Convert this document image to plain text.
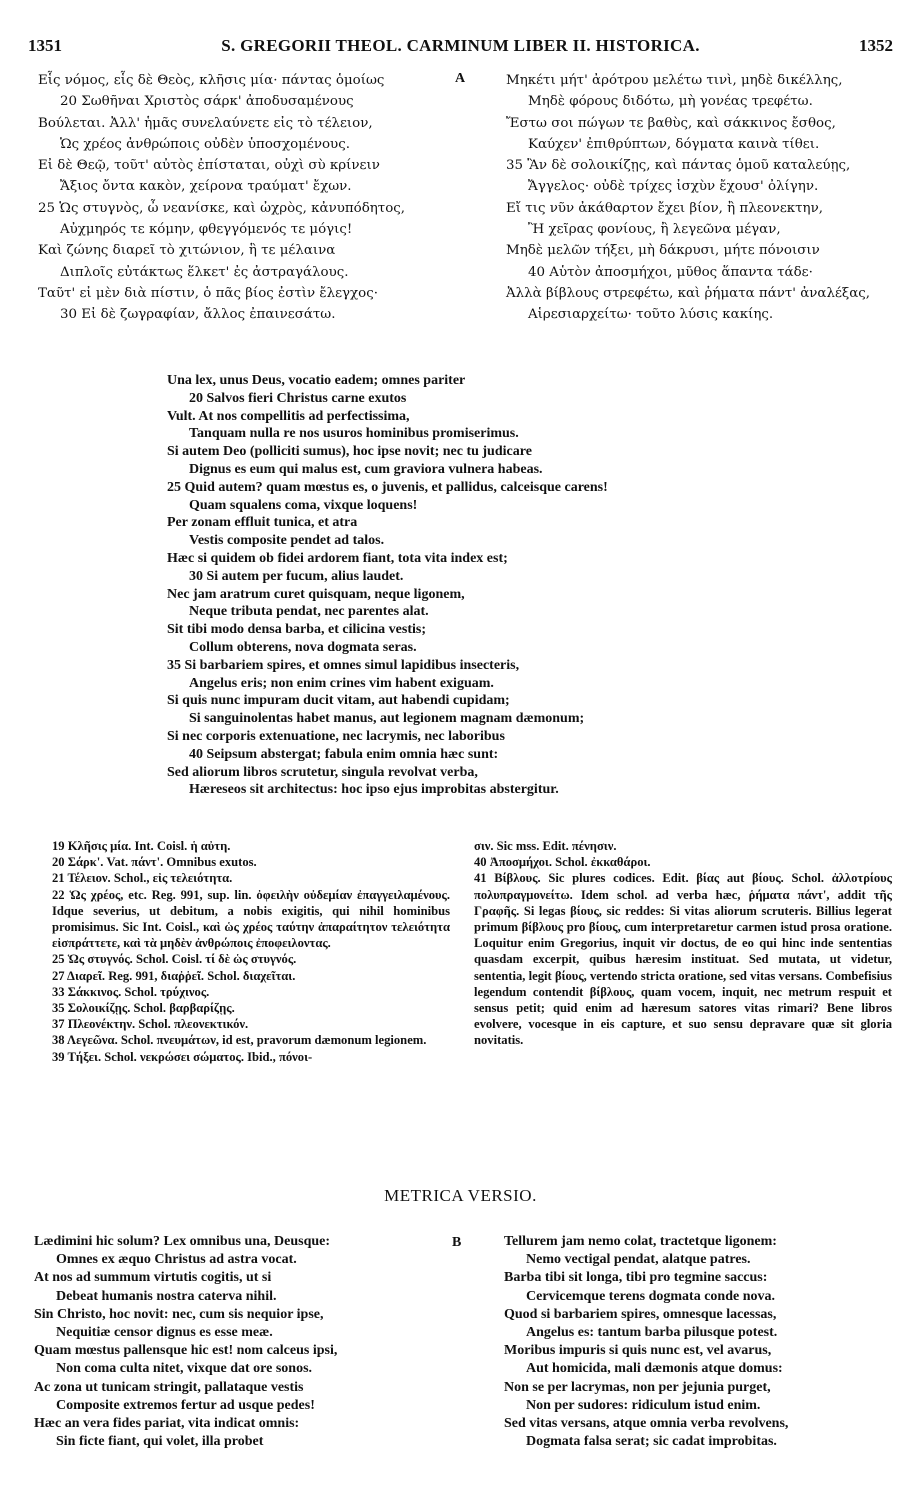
1351	S. GREGORII THEOL. CARMINUM LIBER II. HISTORICA.	1352
Εἷς νόμος, εἷς δὲ Θεὸς, κλῆσις μία· πάντας ὁμοίως
20 Σωθῆναι Χριστὸς σάρκ' ἀποδυσαμένους
Βούλεται. Ἀλλ' ἡμᾶς συνελαύνετε εἰς τὸ τέλειον,
Ὡς χρέος ἀνθρώποις οὐδὲν ὑποσχομένους.
Εἰ δὲ Θεῷ, τοῦτ' αὐτὸς ἐπίσταται, οὐχὶ σὺ κρίνειν
Ἄξιος ὄντα κακὸν, χείρονα τραύματ' ἔχων.
25 Ὡς στυγνὸς, ὦ νεανίσκε, καὶ ὠχρὸς, κἀνυπόδητος,
Αὐχμηρός τε κόμην, φθεγγόμενός τε μόγις!
Καὶ ζώνης διαρεῖ τὸ χιτώνιον, ἣ τε μέλαινα
Διπλοῖς εὐτάκτως ἕλκετ' ἐς ἀστραγάλους.
Ταῦτ' εἰ μὲν διὰ πίστιν, ὁ πᾶς βίος ἐστὶν ἔλεγχος·
30 Εἰ δὲ ζωγραφίαν, ἄλλος ἐπαινεσάτω.
Μηκέτι μήτ' ἀρότρου μελέτω τινὶ, μηδὲ δικέλλης,
Μηδὲ φόρους διδότω, μὴ γονέας τρεφέτω.
Ἔστω σοι πώγων τε βαθὺς, καὶ σάκκινος ἔσθος,
Καύχεν' ἐπιθρύπτων, δόγματα καινὰ τίθει.
35 Ἂν δὲ σολοικίζῃς, καὶ πάντας ὁμοῦ καταλεύῃς,
Ἄγγελος· οὐδὲ τρίχες ἰσχὺν ἔχουσ' ὀλίγην.
Εἴ τις νῦν ἀκάθαρτον ἔχει βίον, ἢ πλεονεκτην,
Ἢ χεῖρας φονίους, ἢ λεγεῶνα μέγαν,
Μηδὲ μελῶν τήξει, μὴ δάκρυσι, μήτε πόνοισιν
40 Αὑτὸν ἀποσμήχοι, μῦθος ἅπαντα τάδε·
Ἀλλὰ βίβλους στρεφέτω, καὶ ῥήματα πάντ' ἀναλέξας,
Αἱρεσιαρχείτω· τοῦτο λύσις κακίης.
A
Una lex, unus Deus, vocatio eadem; omnes pariter
20 Salvos fieri Christus carne exutos
Vult. At nos compellitis ad perfectissima,
Tanquam nulla re nos usuros hominibus promiserimus.
Si autem Deo (polliciti sumus), hoc ipse novit; nec tu judicare
Dignus es eum qui malus est, cum graviora vulnera habeas.
25 Quid autem? quam mœstus es, o juvenis, et pallidus, calceisque carens!
Quam squalens coma, vixque loquens!
Per zonam effluit tunica, et atra
Vestis composite pendet ad talos.
Hæc si quidem ob fidei ardorem fiant, tota vita index est;
30 Si autem per fucum, alius laudet.
Nec jam aratrum curet quisquam, neque ligonem,
Neque tributa pendat, nec parentes alat.
Sit tibi modo densa barba, et cilicina vestis;
Collum obterens, nova dogmata seras.
35 Si barbariem spires, et omnes simul lapidibus insecteris,
Angelus eris; non enim crines vim habent exiguam.
Si quis nunc impuram ducit vitam, aut habendi cupidam;
Si sanguinolentas habet manus, aut legionem magnam dæmonum;
Si nec corporis extenuatione, nec lacrymis, nec laboribus
40 Seipsum abstergat; fabula enim omnia hæc sunt:
Sed aliorum libros scrutetur, singula revolvat verba,
Hæreseos sit architectus: hoc ipso ejus improbitas abstergitur.
19 Κλῆσις μία. Int. Coisl. ἡ αὐτη.
20 Σάρκ'. Vat. πάντ'. Omnibus exutos.
21 Τέλειον. Schol., εἰς τελειότητα.
22 Ὡς χρέος, etc. Reg. 991, sup. lin. ὀφειλὴν οὐδεμίαν ἐπαγγειλαμένους. Idque severius, ut debitum, a nobis exigitis, qui nihil hominibus promisimus. Sic Int. Coisl., καὶ ὡς χρέος ταύτην ἀπαραίτητον τελειότητα εἰσπράττετε, καὶ τὰ μηδὲν ἀνθρώποις ἐποφειλοντας.
25 Ὡς στυγνός. Schol. Coisl. τί δὲ ὡς στυγνός.
27 Διαρεῖ. Reg. 991, διαῤῥεῖ. Schol. διαχεῖται.
33 Σάκκινος. Schol. τρύχινος.
35 Σολοικίζῃς. Schol. βαρβαρίζῃς.
37 Πλεονέκτην. Schol. πλεονεκτικόν.
38 Λεγεῶνα. Schol. πνευμάτων, id est, pravorum dæmonum legionem.
39 Τήξει. Schol. νεκρώσει σώματος. Ibid., πόνοι-
σιν. Sic mss. Edit. πένησιν.
40 Ἀποσμήχοι. Schol. ἐκκαθάροι.
41 Βίβλους. Sic plures codices. Edit. βίας aut βίους. Schol. ἀλλοτρίους πολυπραγμονείτω. Idem schol. ad verba hæc, ῥήματα πάντ', addit τῆς Γραφῆς. Si legas βίους, sic reddes: Si vitas aliorum scruteris. Billius legerat primum βίβλους pro βίους, cum interpretaretur carmen istud prosa oratione. Loquitur enim Gregorius, inquit vir doctus, de eo qui hinc inde sententias quasdam excerpit, quibus hæresim instituat. Sed mutata, ut videtur, sententia, legit βίους, vertendo stricta oratione, sed vitas versans. Combefisius legendum contendit βίβλους, quam vocem, inquit, nec metrum respuit et sensus petit; quid enim ad hæresum satores vitas rimari? Bene libros evolvere, vocesque in eis capture, et suo sensu depravare quæ sit gloria novitatis.
METRICA VERSIO.
Lædimini hic solum? Lex omnibus una, Deusque:
Omnes ex æquo Christus ad astra vocat.
At nos ad summum virtutis cogitis, ut si
Debeat humanis nostra caterva nihil.
Sin Christo, hoc novit: nec, cum sis nequior ipse,
Nequitiæ censor dignus es esse meæ.
Quam mœstus pallensque hic est! nom calceus ipsi,
Non coma culta nitet, vixque dat ore sonos.
Ac zona ut tunicam stringit, pallataque vestis
Composite extremos fertur ad usque pedes!
Hæc an vera fides pariat, vita indicat omnis:
Sin ficte fiant, qui volet, illa probet
Tellurem jam nemo colat, tractetque ligonem:
Nemo vectigal pendat, alatque patres.
Barba tibi sit longa, tibi pro tegmine saccus:
Cervicemque terens dogmata conde nova.
Quod si barbariem spires, omnesque lacessas,
Angelus es: tantum barba pilusque potest.
Moribus impuris si quis nunc est, vel avarus,
Aut homicida, mali dæmonis atque domus:
Non se per lacrymas, non per jejunia purget,
Non per sudores: ridiculum istud enim.
Sed vitas versans, atque omnia verba revolvens,
Dogmata falsa serat; sic cadat improbitas.
B
